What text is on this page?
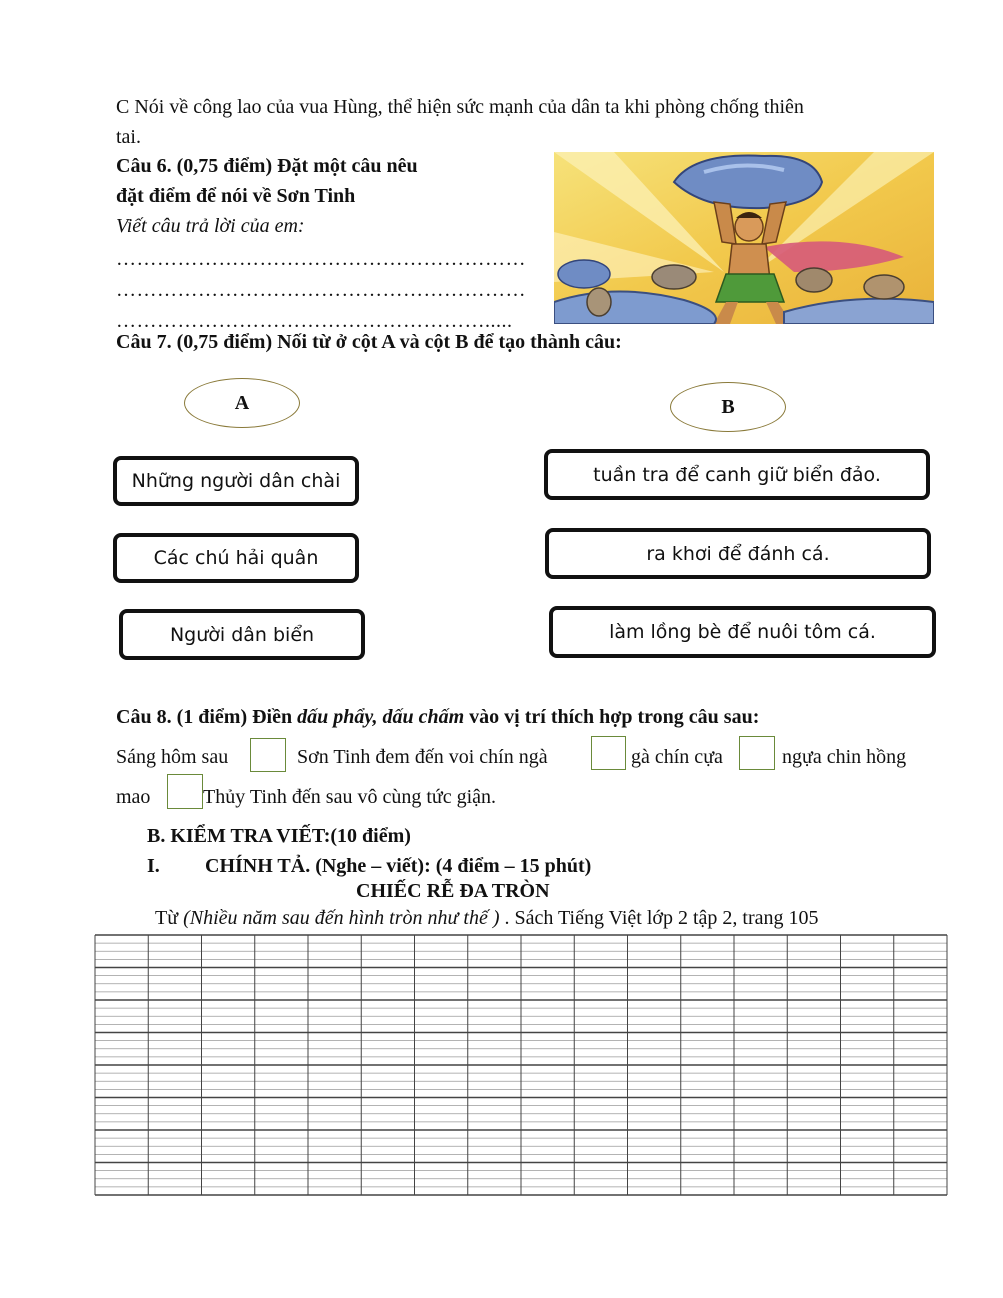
C Nói về công lao của vua Hùng, thể hiện sức mạnh của dân ta khi phòng chống thiên
tai.
Câu 6. (0,75 điểm) Đặt một câu nêu
đặt điểm để nói về Sơn Tinh
Viết câu trả lời của em:
……………………………………………………
……………………………………………………
……………………………………………….....
Câu 7. (0,75 điểm) Nối từ ở cột A và cột B để tạo thành câu:
A	B
Những người dân chài
Các chú hải quân
Người dân biển
tuần tra để canh giữ biển đảo.
ra khơi để đánh cá.
làm lồng bè để nuôi tôm cá.
Câu 8. (1 điểm) Điền dấu phẩy, dấu chấm vào vị trí thích hợp trong câu sau:
Sáng hôm sau	Sơn Tinh đem đến voi chín ngà	gà chín cựa	ngựa chin hồng
mao	Thủy Tinh đến sau vô cùng tức giận.
B. KIỂM TRA VIẾT:(10 điểm)
I. CHÍNH TẢ. (Nghe – viết): (4 điểm – 15 phút)
CHIẾC RỄ ĐA TRÒN
Từ (Nhiều năm sau đến hình tròn như thế ) . Sách Tiếng Việt lớp 2 tập 2, trang 105
